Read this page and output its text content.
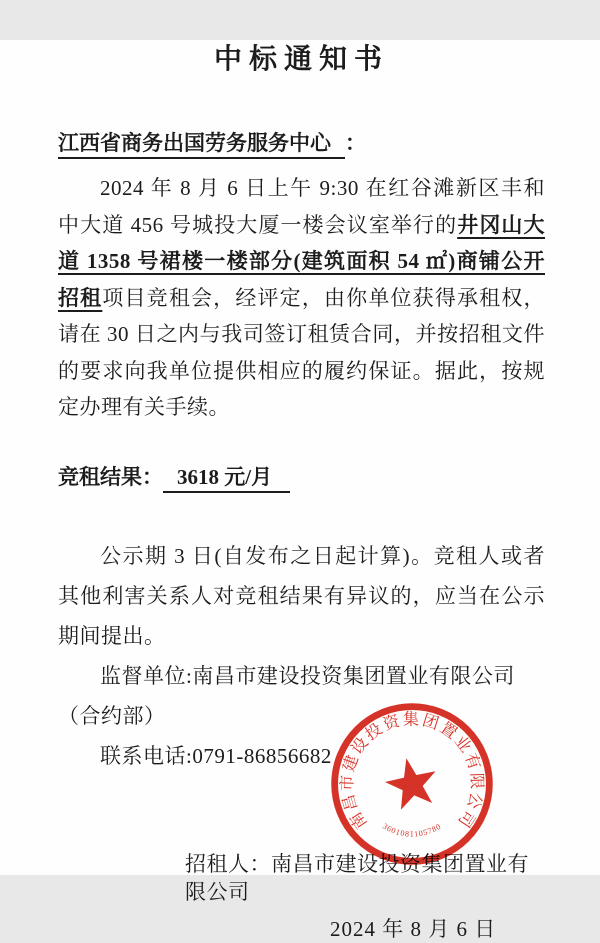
中标通知书

江西省商务出国劳务服务中心 ：

2024 年 8 月 6 日上午 9:30 在红谷滩新区丰和中大道 456 号城投大厦一楼会议室举行的井冈山大道 1358 号裙楼一楼部分(建筑面积 54 ㎡)商铺公开招租项目竞租会，经评定，由你单位获得承租权，请在 30 日之内与我司签订租赁合同，并按招租文件的要求向我单位提供相应的履约保证。据此，按规定办理有关手续。

竞租结果： 3618 元/月

公示期 3 日(自发布之日起计算)。竞租人或者其他利害关系人对竞租结果有异议的，应当在公示期间提出。

监督单位:南昌市建设投资集团置业有限公司（合约部）

联系电话:0791-86856682

招租人：南昌市建设投资集团置业有限公司

2024 年 8 月 6 日

南昌市建设投资集团置业有限公司
3601081105780
